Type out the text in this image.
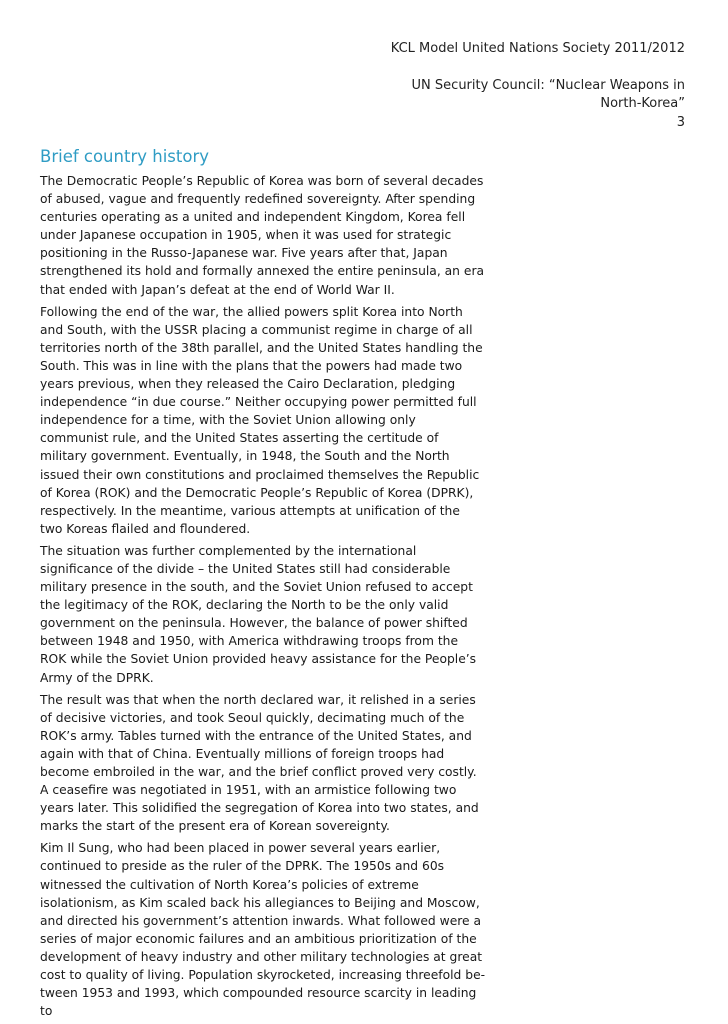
KCL Model United Nations Society 2011/2012
UN Security Council: “Nuclear Weapons in
North-Korea”
3
Brief country history

The Democratic People’s Republic of Korea was born of several decades of abused, vague and frequently redefined sovereignty. After spending centuries operating as a united and independent Kingdom, Korea fell under Japanese occupation in 1905, when it was used for strategic positioning in the Russo-Japanese war. Five years after that, Japan strengthened its hold and formally annexed the entire peninsula, an era that ended with Japan’s defeat at the end of World War II.

Following the end of the war, the allied powers split Korea into North and South, with the USSR placing a communist regime in charge of all territories north of the 38th parallel, and the United States handling the South. This was in line with the plans that the powers had made two years previous, when they released the Cairo Declaration, pledging independence “in due course.” Neither occupying power permitted full independence for a time, with the Soviet Union allowing only communist rule, and the United States asserting the certitude of military government. Eventually, in 1948, the South and the North issued their own constitutions and proclaimed themselves the Republic of Korea (ROK) and the Democratic People’s Republic of Korea (DPRK), respectively. In the meantime, various attempts at unification of the two Koreas flailed and floundered.

The situation was further complemented by the international significance of the divide – the United States still had considerable military presence in the south, and the Soviet Union refused to accept the legitimacy of the ROK, declaring the North to be the only valid government on the peninsula. However, the balance of power shifted between 1948 and 1950, with America withdrawing troops from the ROK while the Soviet Union provided heavy assistance for the People’s Army of the DPRK.

The result was that when the north declared war, it relished in a series of decisive victories, and took Seoul quickly, decimating much of the ROK’s army. Tables turned with the entrance of the United States, and again with that of China. Eventually millions of foreign troops had become embroiled in the war, and the brief conflict proved very costly. A ceasefire was negotiated in 1951, with an armistice following two years later. This solidified the segregation of Korea into two states, and marks the start of the present era of Korean sovereignty.

Kim Il Sung, who had been placed in power several years earlier, continued to preside as the ruler of the DPRK. The 1950s and 60s witnessed the cultivation of North Korea’s policies of extreme isolationism, as Kim scaled back his allegiances to Beijing and Moscow, and directed his government’s attention inwards. What followed were a series of major economic failures and an ambitious prioritization of the development of heavy industry and other military technologies at great cost to quality of living. Population skyrocketed, increasing threefold be-tween 1953 and 1993, which compounded resource scarcity in leading to
